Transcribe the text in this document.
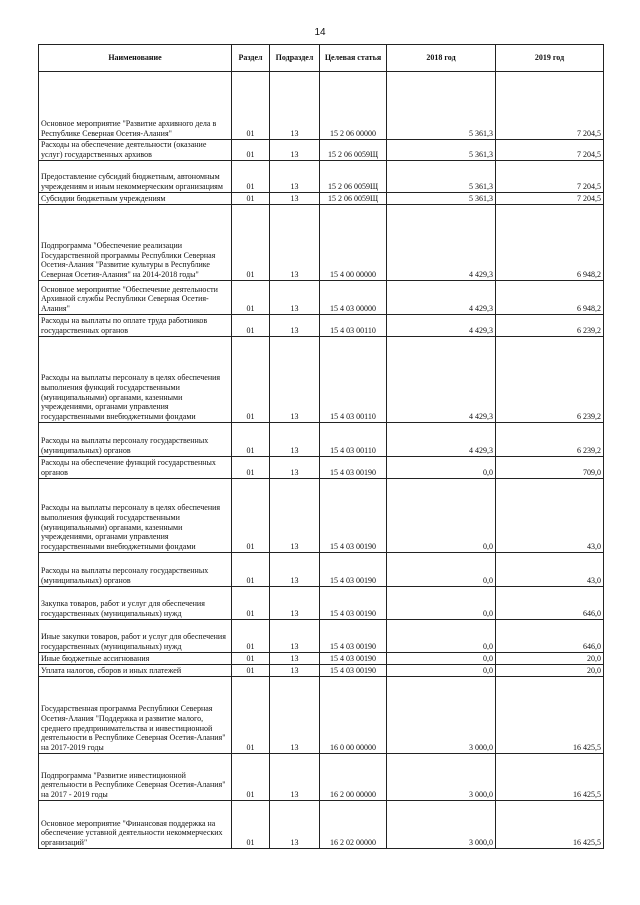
14
Наименование	Раздел	Подраздел	Целевая статья	2018 год	2019 год
Основное мероприятие "Развитие архивного дела в Республике Северная Осетия-Алания"	01	13	15 2 06 00000	5 361,3	7 204,5
Расходы на обеспечение деятельности (оказание услуг) государственных архивов	01	13	15 2 06 0059Щ	5 361,3	7 204,5
Предоставление субсидий бюджетным, автономным учреждениям и иным некоммерческим организациям	01	13	15 2 06 0059Щ	5 361,3	7 204,5
Субсидии бюджетным учреждениям	01	13	15 2 06 0059Щ	5 361,3	7 204,5
Подпрограмма "Обеспечение реализации Государственной программы Республики Северная Осетия-Алания "Развитие культуры в Республике Северная Осетия-Алания" на 2014-2018 годы"	01	13	15 4 00 00000	4 429,3	6 948,2
Основное мероприятие "Обеспечение деятельности Архивной службы Республики Северная Осетия-Алания"	01	13	15 4 03 00000	4 429,3	6 948,2
Расходы на выплаты по оплате труда работников государственных органов	01	13	15 4 03 00110	4 429,3	6 239,2
Расходы на выплаты персоналу в целях обеспечения выполнения функций государственными (муниципальными) органами, казенными учреждениями, органами управления государственными внебюджетными фондами	01	13	15 4 03 00110	4 429,3	6 239,2
Расходы на выплаты персоналу государственных (муниципальных) органов	01	13	15 4 03 00110	4 429,3	6 239,2
Расходы на обеспечение функций государственных органов	01	13	15 4 03 00190	0,0	709,0
Расходы на выплаты персоналу в целях обеспечения выполнения функций государственными (муниципальными) органами, казенными учреждениями, органами управления государственными внебюджетными фондами	01	13	15 4 03 00190	0,0	43,0
Расходы на выплаты персоналу государственных (муниципальных) органов	01	13	15 4 03 00190	0,0	43,0
Закупка товаров, работ и услуг для обеспечения государственных (муниципальных) нужд	01	13	15 4 03 00190	0,0	646,0
Иные закупки товаров, работ и услуг для обеспечения государственных (муниципальных) нужд	01	13	15 4 03 00190	0,0	646,0
Иные бюджетные ассигнования	01	13	15 4 03 00190	0,0	20,0
Уплата налогов, сборов и иных платежей	01	13	15 4 03 00190	0,0	20,0
Государственная программа Республики Северная Осетия-Алания "Поддержка и развитие малого, среднего предпринимательства и инвестиционной деятельности в Республике Северная Осетия-Алания" на 2017-2019 годы	01	13	16 0 00 00000	3 000,0	16 425,5
Подпрограмма "Развитие инвестиционной деятельности в Республике Северная Осетия-Алания" на 2017 - 2019 годы	01	13	16 2 00 00000	3 000,0	16 425,5
Основное мероприятие "Финансовая поддержка на обеспечение уставной деятельности некоммерческих организаций"	01	13	16 2 02 00000	3 000,0	16 425,5
